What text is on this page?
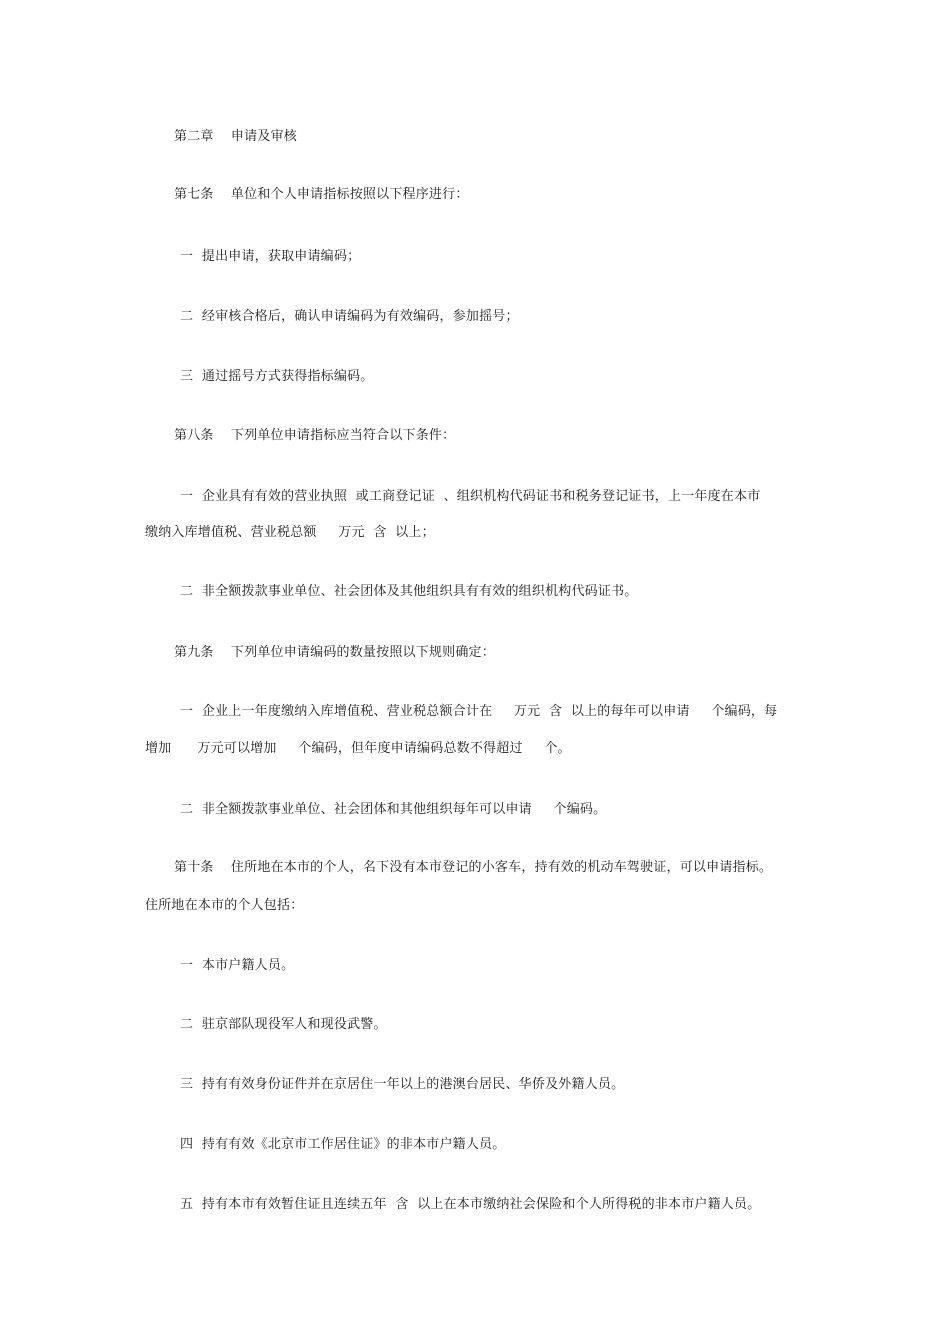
第二章    申请及审核
第七条    单位和个人申请指标按照以下程序进行：
一  提出申请，获取申请编码；
二  经审核合格后，确认申请编码为有效编码，参加摇号；
三  通过摇号方式获得指标编码。
第八条    下列单位申请指标应当符合以下条件：
一  企业具有有效的营业执照  或工商登记证  、组织机构代码证书和税务登记证书，上一年度在本市
缴纳入库增值税、营业税总额     万元  含  以上；
二  非全额拨款事业单位、社会团体及其他组织具有有效的组织机构代码证书。
第九条    下列单位申请编码的数量按照以下规则确定：
一  企业上一年度缴纳入库增值税、营业税总额合计在     万元  含  以上的每年可以申请     个编码，每
增加      万元可以增加     个编码，但年度申请编码总数不得超过     个。
二  非全额拨款事业单位、社会团体和其他组织每年可以申请     个编码。
第十条    住所地在本市的个人，名下没有本市登记的小客车，持有效的机动车驾驶证，可以申请指标。
住所地在本市的个人包括：
一  本市户籍人员。
二  驻京部队现役军人和现役武警。
三  持有有效身份证件并在京居住一年以上的港澳台居民、华侨及外籍人员。
四  持有有效《北京市工作居住证》的非本市户籍人员。
五  持有本市有效暂住证且连续五年  含  以上在本市缴纳社会保险和个人所得税的非本市户籍人员。
